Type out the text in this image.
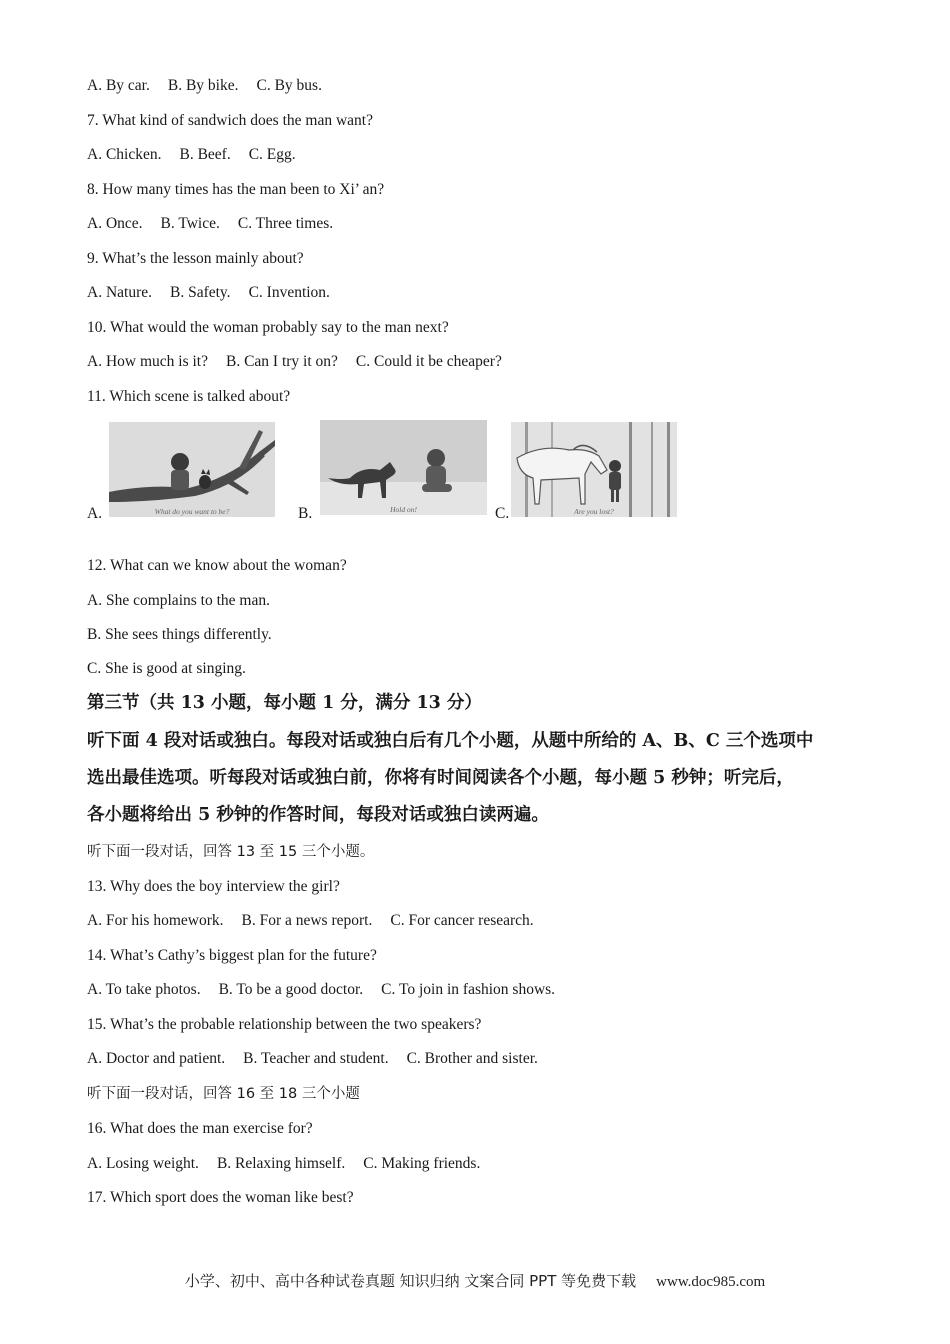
A. By car. B. By bike. C. By bus.
7. What kind of sandwich does the man want?
A. Chicken. B. Beef. C. Egg.
8. How many times has the man been to Xi’ an?
A. Once. B. Twice. C. Three times.
9. What’s the lesson mainly about?
A. Nature. B. Safety. C. Invention.
10. What would the woman probably say to the man next?
A. How much is it? B. Can I try it on? C. Could it be cheaper?
11. Which scene is talked about?
A.	What do you want to be?	B.	Hold on!	C.	Are you lost?
12. What can we know about the woman?
A. She complains to the man.
B. She sees things differently.
C. She is good at singing.
第三节（共 13 小题，每小题 1 分，满分 13 分）
听下面 4 段对话或独白。每段对话或独白后有几个小题，从题中所给的 A、B、C 三个选项中
选出最佳选项。听每段对话或独白前，你将有时间阅读各个小题，每小题 5 秒钟；听完后，
各小题将给出 5 秒钟的作答时间，每段对话或独白读两遍。
听下面一段对话，回答 13 至 15 三个小题。
13. Why does the boy interview the girl?
A. For his homework. B. For a news report. C. For cancer research.
14. What’s Cathy’s biggest plan for the future?
A. To take photos. B. To be a good doctor. C. To join in fashion shows.
15. What’s the probable relationship between the two speakers?
A. Doctor and patient. B. Teacher and student. C. Brother and sister.
听下面一段对话，回答 16 至 18 三个小题
16. What does the man exercise for?
A. Losing weight. B. Relaxing himself. C. Making friends.
17. Which sport does the woman like best?
小学、初中、高中各种试卷真题 知识归纳 文案合同 PPT 等免费下载 www.doc985.com
